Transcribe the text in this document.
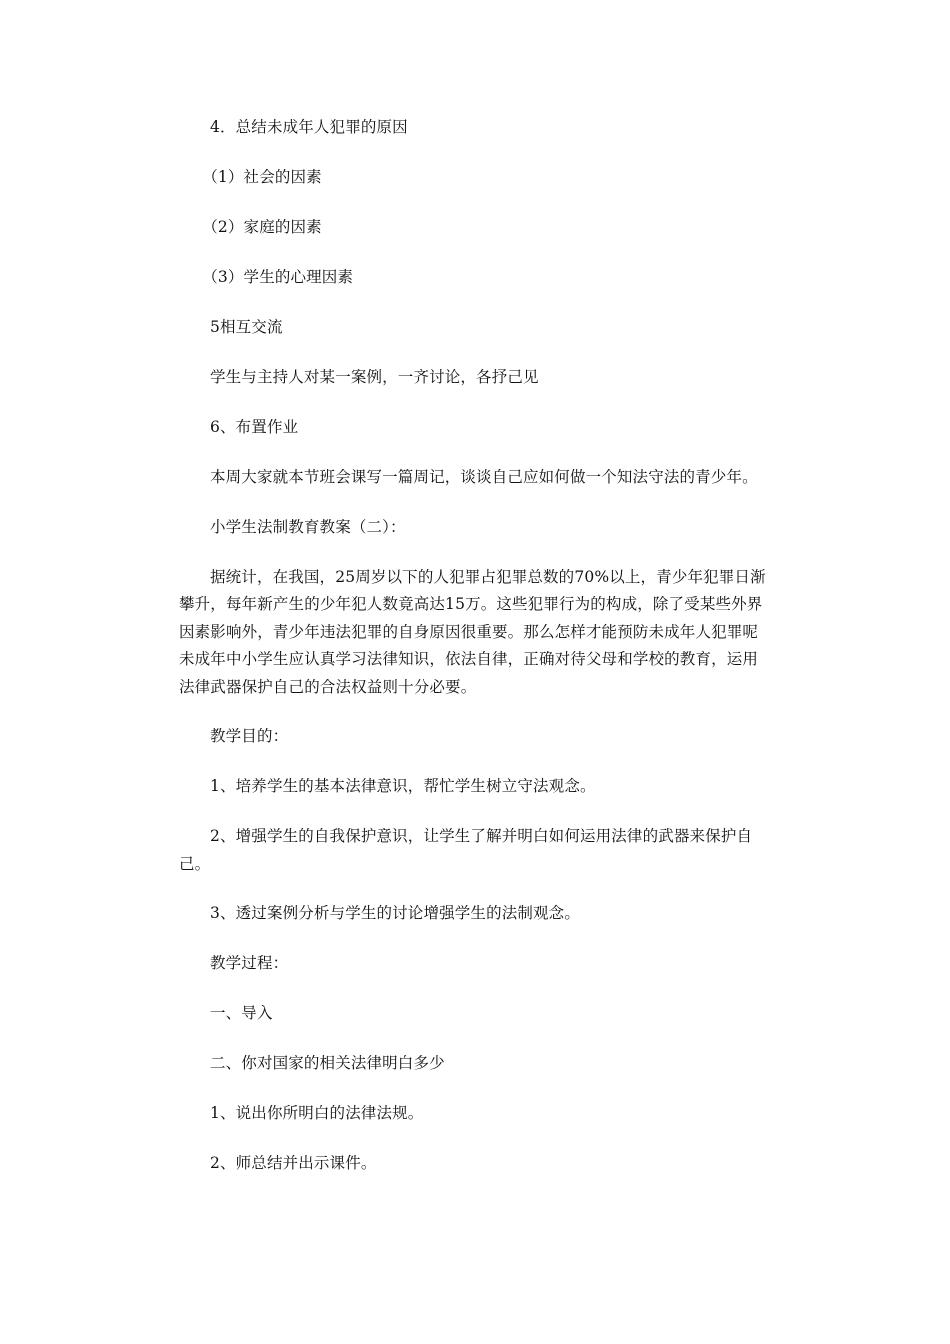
4．总结未成年人犯罪的原因

（1）社会的因素

（2）家庭的因素

（3）学生的心理因素

5相互交流

学生与主持人对某一案例，一齐讨论，各抒己见

6、布置作业

本周大家就本节班会课写一篇周记，谈谈自己应如何做一个知法守法的青少年。

小学生法制教育教案（二）：

据统计，在我国，25周岁以下的人犯罪占犯罪总数的70%以上，青少年犯罪日渐攀升，每年新产生的少年犯人数竟高达15万。这些犯罪行为的构成，除了受某些外界因素影响外，青少年违法犯罪的自身原因很重要。那么怎样才能预防未成年人犯罪呢未成年中小学生应认真学习法律知识，依法自律，正确对待父母和学校的教育，运用法律武器保护自己的合法权益则十分必要。

教学目的：

1、培养学生的基本法律意识，帮忙学生树立守法观念。

2、增强学生的自我保护意识，让学生了解并明白如何运用法律的武器来保护自己。

3、透过案例分析与学生的讨论增强学生的法制观念。

教学过程：

一、导入

二、你对国家的相关法律明白多少

1、说出你所明白的法律法规。

2、师总结并出示课件。
